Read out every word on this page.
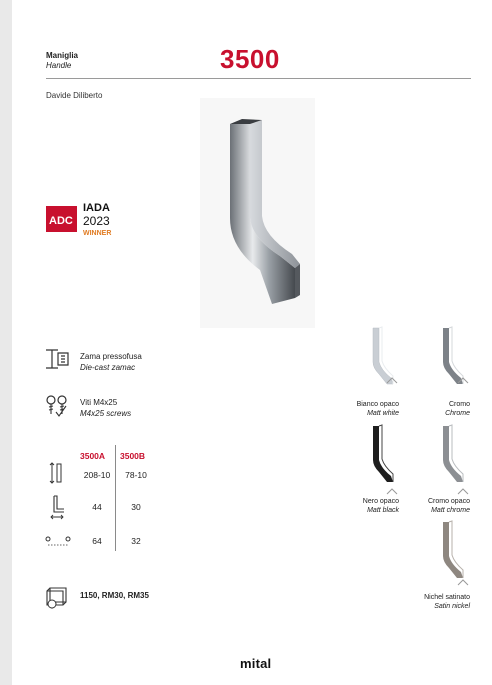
Maniglia
Handle	3500
Davide Diliberto
ADC
IADA
2023
WINNER
Zama pressofusa
Die-cast zamac
Viti M4x25
M4x25 screws
3500A 3500B
208-10	78-10
44	30
64	32
1150, RM30, RM35
Bianco opaco
Matt white
Cromo
Chrome
Nero opaco
Matt black
Cromo opaco
Matt chrome
Nichel satinato
Satin nickel
mital
